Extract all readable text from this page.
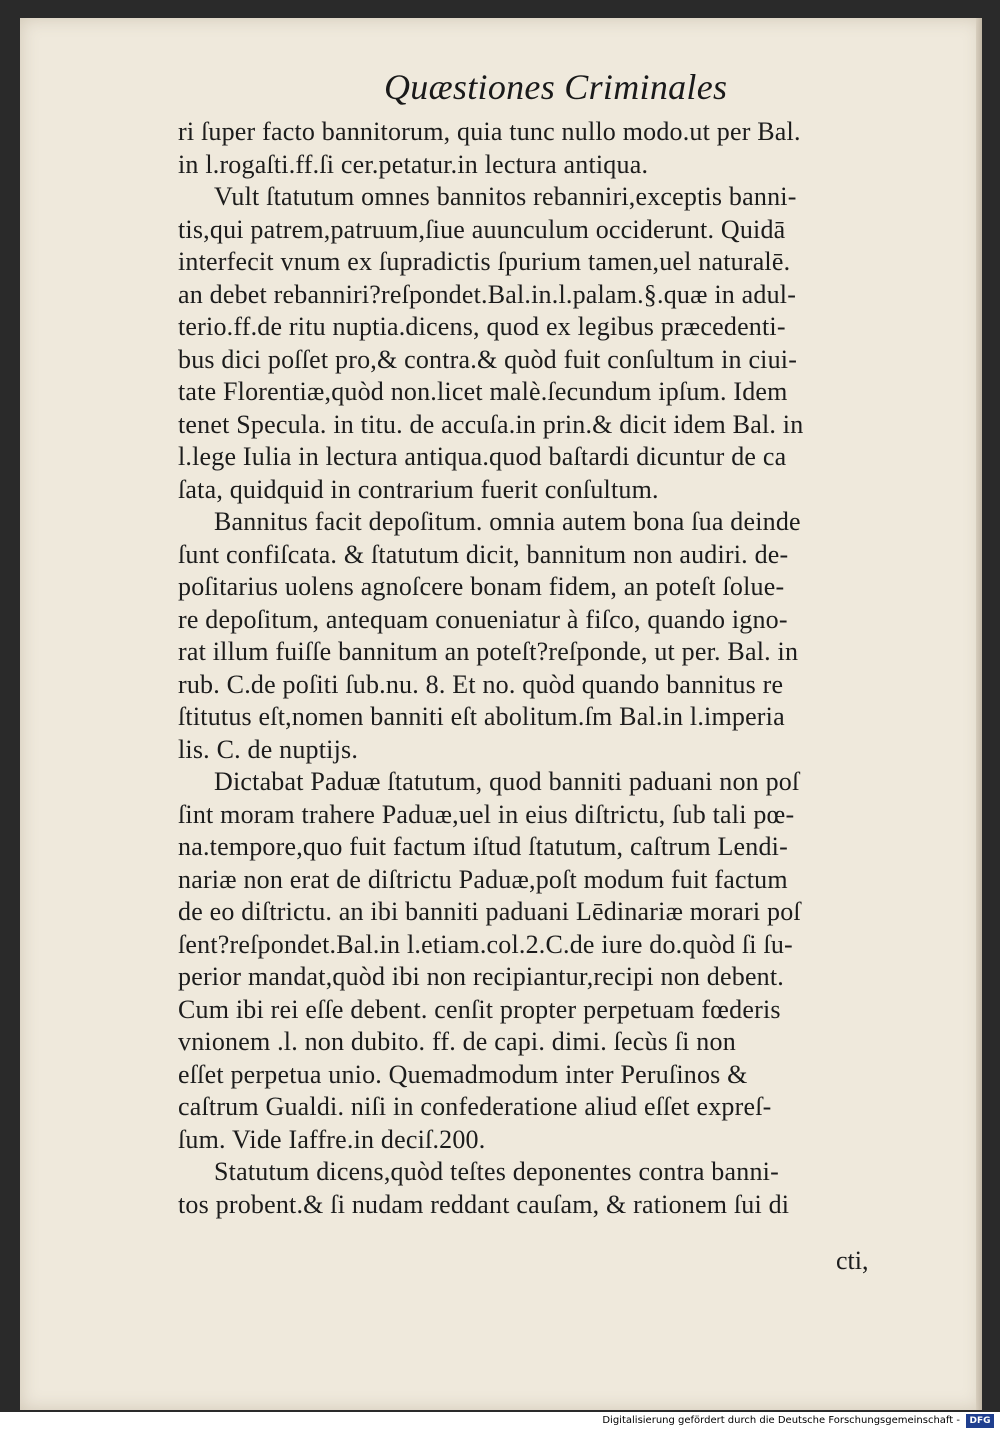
Quæstiones Criminales
ri ſuper facto bannitorum, quia tunc nullo modo.ut per Bal.
in l.rogaſti.ff.ſi cer.petatur.in lectura antiqua.
Vult ſtatutum omnes bannitos rebanniri,exceptis banni-
tis,qui patrem,patruum,ſiue auunculum occiderunt. Quidā
interfecit vnum ex ſupradictis ſpurium tamen,uel naturalē.
an debet rebanniri?reſpondet.Bal.in.l.palam.§.quæ in adul-
terio.ff.de ritu nuptia.dicens, quod ex legibus præcedenti-
bus dici poſſet pro,& contra.& quòd fuit conſultum in ciui-
tate Florentiæ,quòd non.licet malè.ſecundum ipſum. Idem
tenet Specula. in titu. de accuſa.in prin.& dicit idem Bal. in
l.lege Iulia in lectura antiqua.quod baſtardi dicuntur de ca
ſata, quidquid in contrarium fuerit conſultum.
Bannitus facit depoſitum. omnia autem bona ſua deinde
ſunt confiſcata. & ſtatutum dicit, bannitum non audiri. de-
poſitarius uolens agnoſcere bonam fidem, an poteſt ſolue-
re depoſitum, antequam conueniatur à fiſco, quando igno-
rat illum fuiſſe bannitum an poteſt?reſponde, ut per. Bal. in
rub. C.de poſiti ſub.nu. 8. Et no. quòd quando bannitus re
ſtitutus eſt,nomen banniti eſt abolitum.ſm Bal.in l.imperia
lis. C. de nuptijs.
Dictabat Paduæ ſtatutum, quod banniti paduani non poſ
ſint moram trahere Paduæ,uel in eius diſtrictu, ſub tali pœ-
na.tempore,quo fuit factum iſtud ſtatutum, caſtrum Lendi-
nariæ non erat de diſtrictu Paduæ,poſt modum fuit factum
de eo diſtrictu. an ibi banniti paduani Lēdinariæ morari poſ
ſent?reſpondet.Bal.in l.etiam.col.2.C.de iure do.quòd ſi ſu-
perior mandat,quòd ibi non recipiantur,recipi non debent.
Cum ibi rei eſſe debent. cenſit propter perpetuam fœderis
vnionem .l. non dubito. ff. de capi. dimi. ſecùs ſi non
eſſet perpetua unio. Quemadmodum inter Peruſinos &
caſtrum Gualdi. niſi in confederatione aliud eſſet expreſ-
ſum. Vide Iaffre.in deciſ.200.
Statutum dicens,quòd teſtes deponentes contra banni-
tos probent.& ſi nudam reddant cauſam, & rationem ſui di
cti,
Digitalisierung gefördert durch die Deutsche Forschungsgemeinschaft -	DFG
